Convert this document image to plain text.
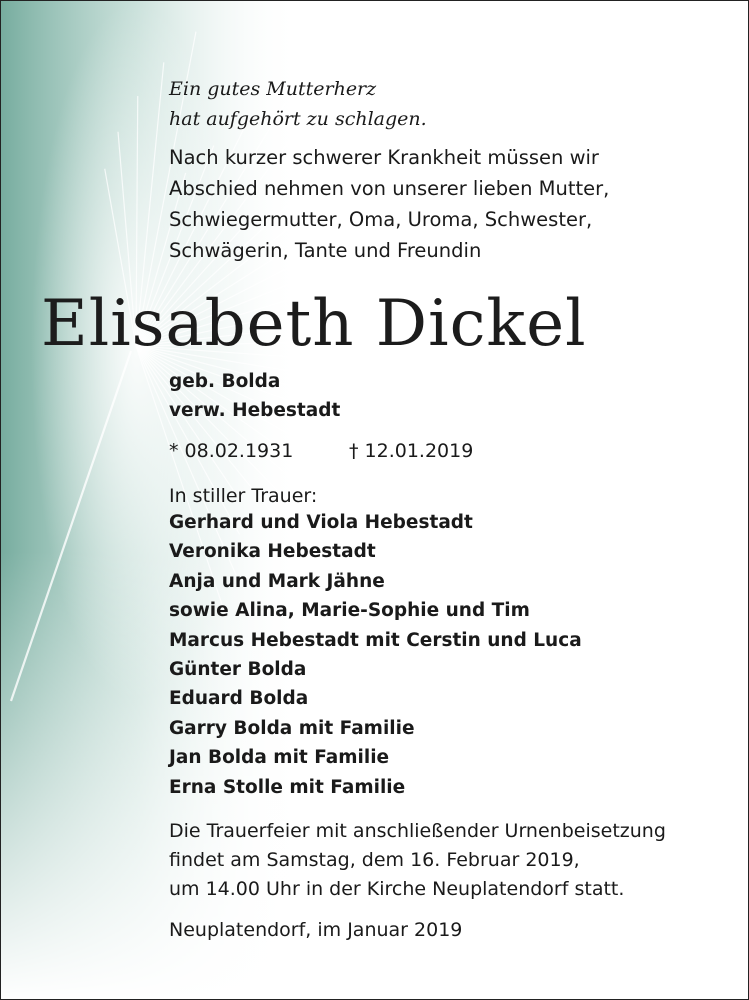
Ein gutes Mutterherz
hat aufgehört zu schlagen.
Nach kurzer schwerer Krankheit müssen wir
Abschied nehmen von unserer lieben Mutter,
Schwiegermutter, Oma, Uroma, Schwester,
Schwägerin, Tante und Freundin
Elisabeth Dickel
geb. Bolda
verw. Hebestadt
* 08.02.1931	† 12.01.2019
In stiller Trauer:
Gerhard und Viola Hebestadt
Veronika Hebestadt
Anja und Mark Jähne
sowie Alina, Marie-Sophie und Tim
Marcus Hebestadt mit Cerstin und Luca
Günter Bolda
Eduard Bolda
Garry Bolda mit Familie
Jan Bolda mit Familie
Erna Stolle mit Familie
Die Trauerfeier mit anschließender Urnenbeisetzung
findet am Samstag, dem 16. Februar 2019,
um 14.00 Uhr in der Kirche Neuplatendorf statt.
Neuplatendorf, im Januar 2019
